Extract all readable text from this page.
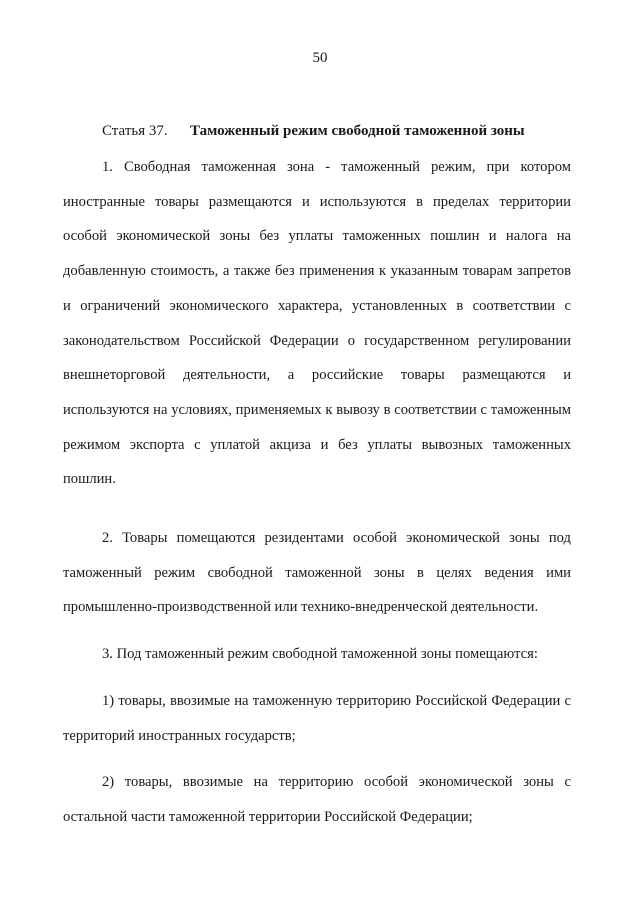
50
Статья 37. Таможенный режим свободной таможенной зоны

1. Свободная таможенная зона - таможенный режим, при котором иностранные товары размещаются и используются в пределах территории особой экономической зоны без уплаты таможенных пошлин и налога на добавленную стоимость, а также без применения к указанным товарам запретов и ограничений экономического характера, установленных в соответствии с законодательством Российской Федерации о государственном регулировании внешнеторговой деятельности, а российские товары размещаются и используются на условиях, применяемых к вывозу в соответствии с таможенным режимом экспорта с уплатой акциза и без уплаты вывозных таможенных пошлин.

2. Товары помещаются резидентами особой экономической зоны под таможенный режим свободной таможенной зоны в целях ведения ими промышленно-производственной или технико-внедренческой деятельности.

3. Под таможенный режим свободной таможенной зоны помещаются:

1) товары, ввозимые на таможенную территорию Российской Федерации с территорий иностранных государств;

2) товары, ввозимые на территорию особой экономической зоны с остальной части таможенной территории Российской Федерации;
